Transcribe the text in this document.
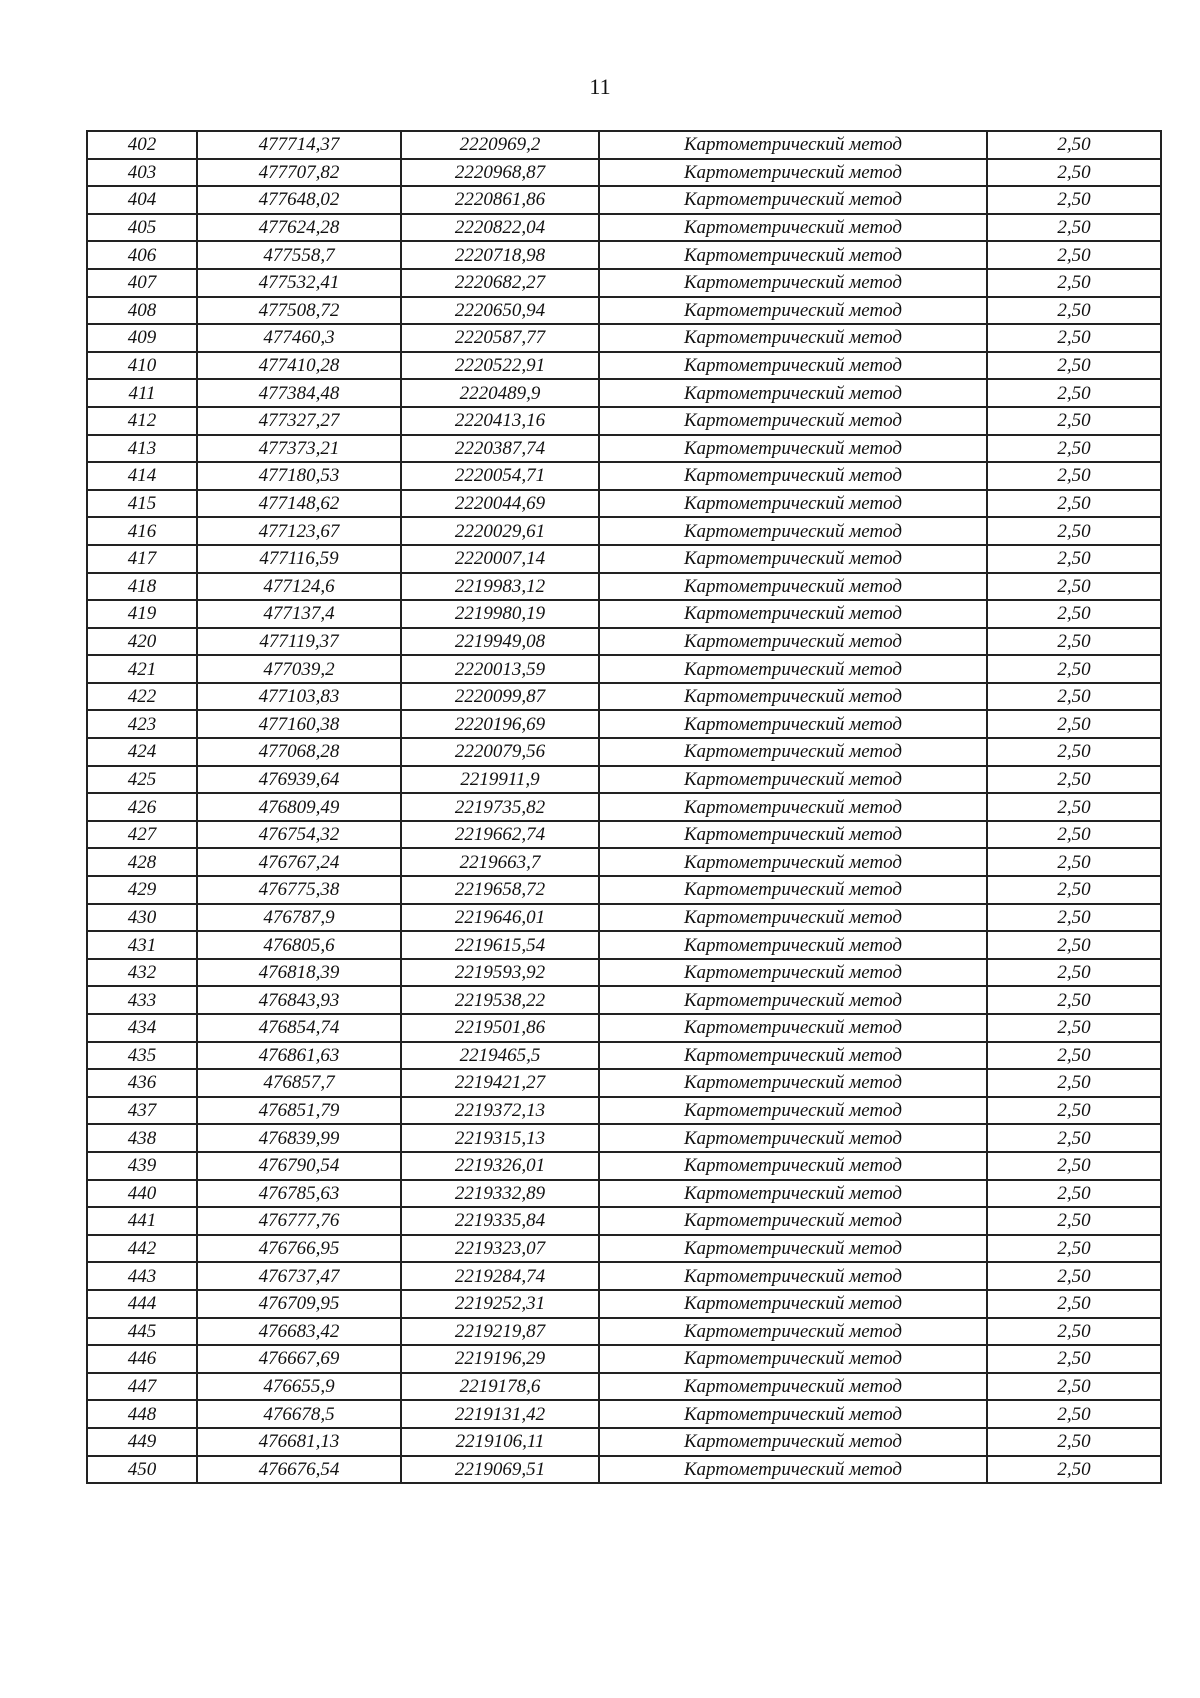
11
402	477714,37	2220969,2	Картометрический метод	2,50
403	477707,82	2220968,87	Картометрический метод	2,50
404	477648,02	2220861,86	Картометрический метод	2,50
405	477624,28	2220822,04	Картометрический метод	2,50
406	477558,7	2220718,98	Картометрический метод	2,50
407	477532,41	2220682,27	Картометрический метод	2,50
408	477508,72	2220650,94	Картометрический метод	2,50
409	477460,3	2220587,77	Картометрический метод	2,50
410	477410,28	2220522,91	Картометрический метод	2,50
411	477384,48	2220489,9	Картометрический метод	2,50
412	477327,27	2220413,16	Картометрический метод	2,50
413	477373,21	2220387,74	Картометрический метод	2,50
414	477180,53	2220054,71	Картометрический метод	2,50
415	477148,62	2220044,69	Картометрический метод	2,50
416	477123,67	2220029,61	Картометрический метод	2,50
417	477116,59	2220007,14	Картометрический метод	2,50
418	477124,6	2219983,12	Картометрический метод	2,50
419	477137,4	2219980,19	Картометрический метод	2,50
420	477119,37	2219949,08	Картометрический метод	2,50
421	477039,2	2220013,59	Картометрический метод	2,50
422	477103,83	2220099,87	Картометрический метод	2,50
423	477160,38	2220196,69	Картометрический метод	2,50
424	477068,28	2220079,56	Картометрический метод	2,50
425	476939,64	2219911,9	Картометрический метод	2,50
426	476809,49	2219735,82	Картометрический метод	2,50
427	476754,32	2219662,74	Картометрический метод	2,50
428	476767,24	2219663,7	Картометрический метод	2,50
429	476775,38	2219658,72	Картометрический метод	2,50
430	476787,9	2219646,01	Картометрический метод	2,50
431	476805,6	2219615,54	Картометрический метод	2,50
432	476818,39	2219593,92	Картометрический метод	2,50
433	476843,93	2219538,22	Картометрический метод	2,50
434	476854,74	2219501,86	Картометрический метод	2,50
435	476861,63	2219465,5	Картометрический метод	2,50
436	476857,7	2219421,27	Картометрический метод	2,50
437	476851,79	2219372,13	Картометрический метод	2,50
438	476839,99	2219315,13	Картометрический метод	2,50
439	476790,54	2219326,01	Картометрический метод	2,50
440	476785,63	2219332,89	Картометрический метод	2,50
441	476777,76	2219335,84	Картометрический метод	2,50
442	476766,95	2219323,07	Картометрический метод	2,50
443	476737,47	2219284,74	Картометрический метод	2,50
444	476709,95	2219252,31	Картометрический метод	2,50
445	476683,42	2219219,87	Картометрический метод	2,50
446	476667,69	2219196,29	Картометрический метод	2,50
447	476655,9	2219178,6	Картометрический метод	2,50
448	476678,5	2219131,42	Картометрический метод	2,50
449	476681,13	2219106,11	Картометрический метод	2,50
450	476676,54	2219069,51	Картометрический метод	2,50
